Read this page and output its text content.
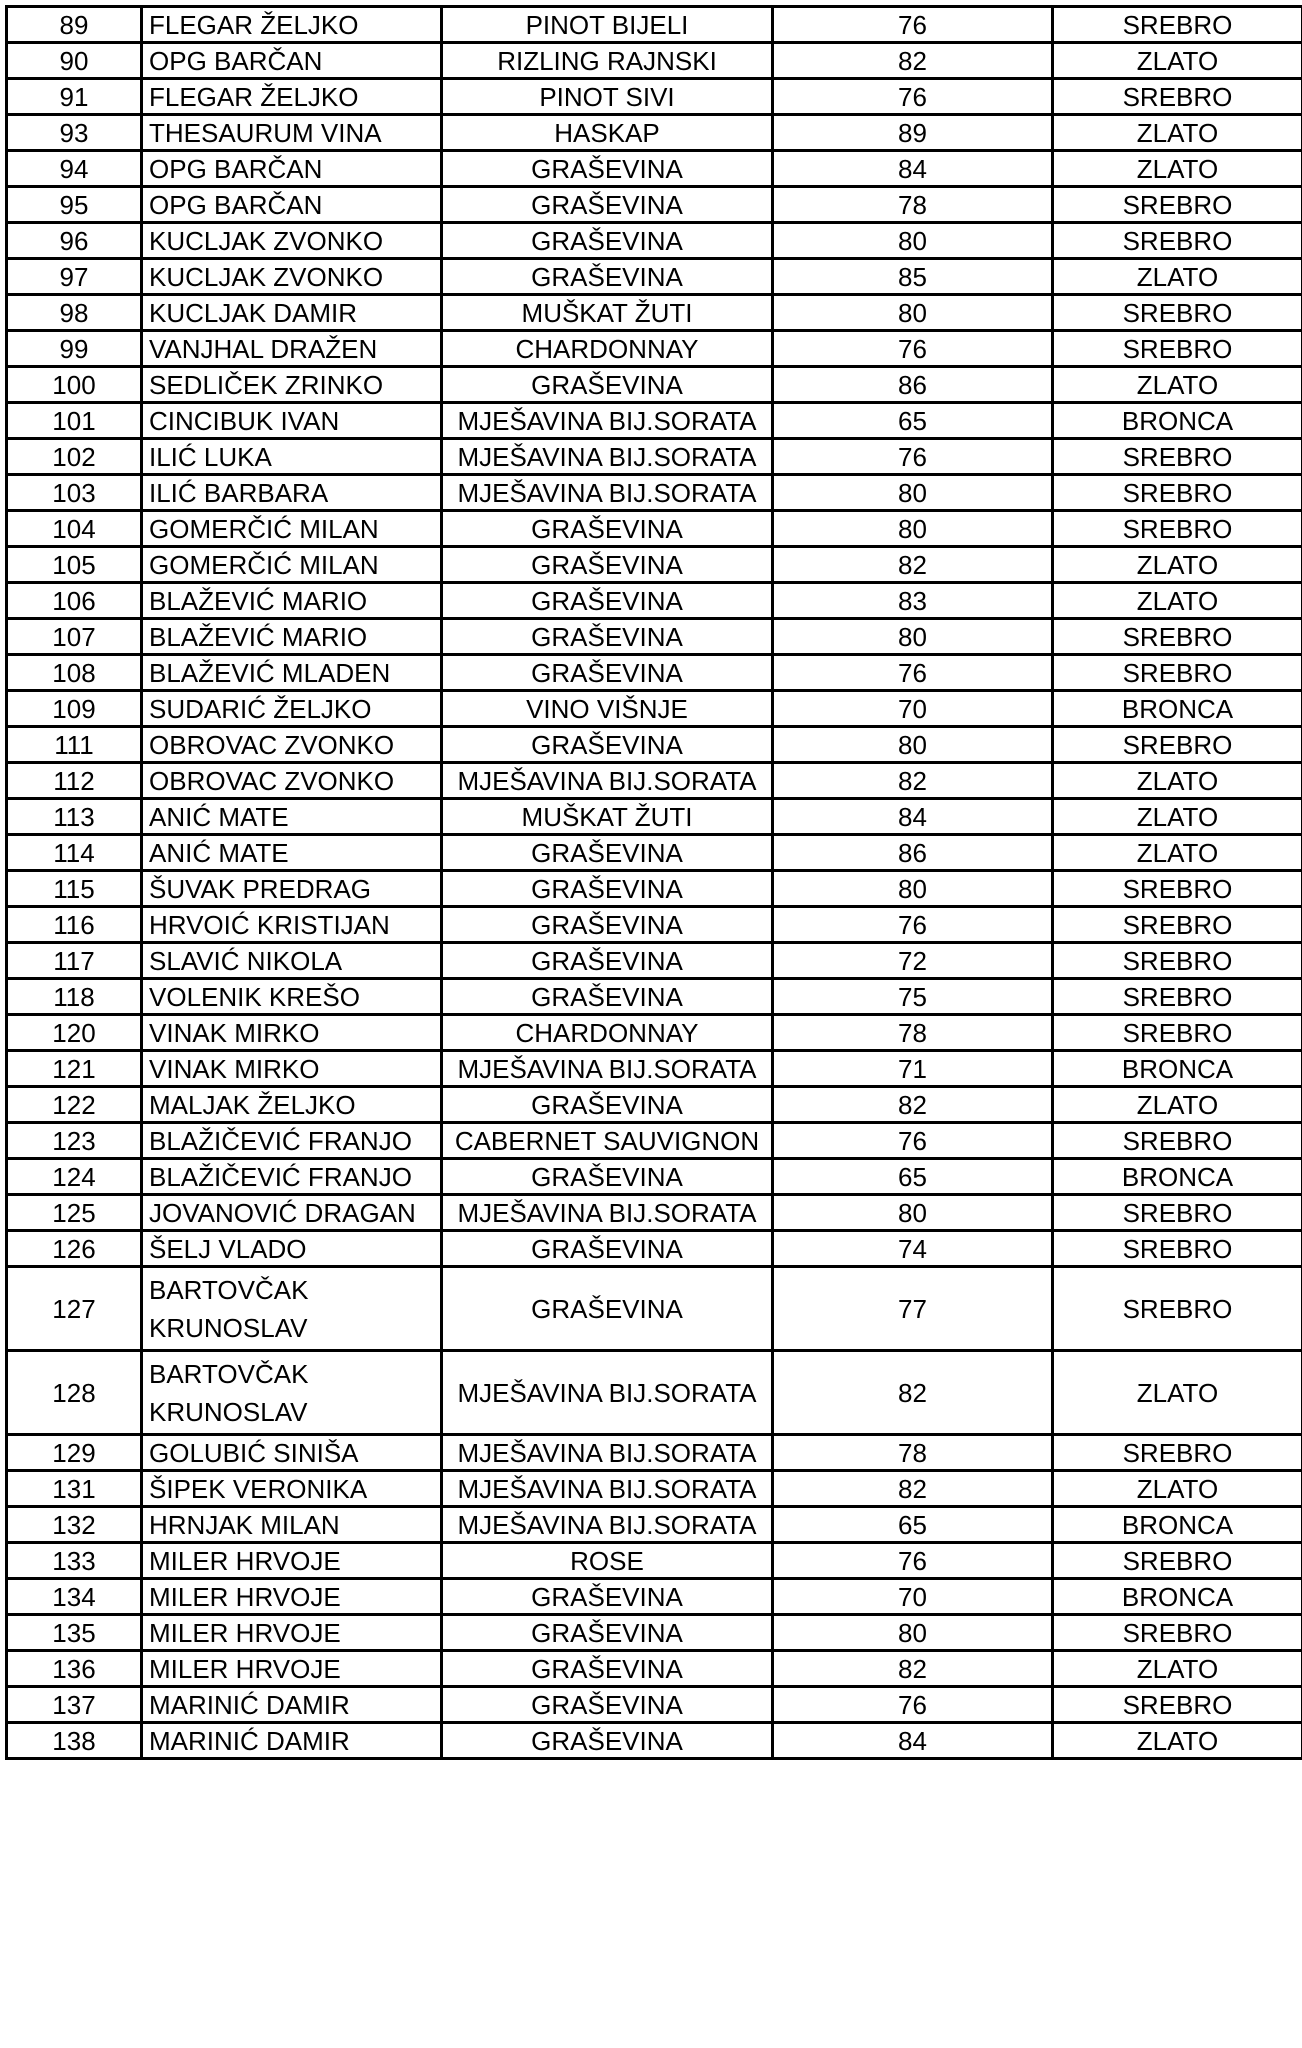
89	FLEGAR ŽELJKO	PINOT BIJELI	76	SREBRO
90	OPG BARČAN	RIZLING RAJNSKI	82	ZLATO
91	FLEGAR ŽELJKO	PINOT SIVI	76	SREBRO
93	THESAURUM VINA	HASKAP	89	ZLATO
94	OPG BARČAN	GRAŠEVINA	84	ZLATO
95	OPG BARČAN	GRAŠEVINA	78	SREBRO
96	KUCLJAK ZVONKO	GRAŠEVINA	80	SREBRO
97	KUCLJAK ZVONKO	GRAŠEVINA	85	ZLATO
98	KUCLJAK DAMIR	MUŠKAT ŽUTI	80	SREBRO
99	VANJHAL DRAŽEN	CHARDONNAY	76	SREBRO
100	SEDLIČEK ZRINKO	GRAŠEVINA	86	ZLATO
101	CINCIBUK IVAN	MJEŠAVINA BIJ.SORATA	65	BRONCA
102	ILIĆ LUKA	MJEŠAVINA BIJ.SORATA	76	SREBRO
103	ILIĆ BARBARA	MJEŠAVINA BIJ.SORATA	80	SREBRO
104	GOMERČIĆ MILAN	GRAŠEVINA	80	SREBRO
105	GOMERČIĆ MILAN	GRAŠEVINA	82	ZLATO
106	BLAŽEVIĆ MARIO	GRAŠEVINA	83	ZLATO
107	BLAŽEVIĆ MARIO	GRAŠEVINA	80	SREBRO
108	BLAŽEVIĆ MLADEN	GRAŠEVINA	76	SREBRO
109	SUDARIĆ ŽELJKO	VINO VIŠNJE	70	BRONCA
111	OBROVAC ZVONKO	GRAŠEVINA	80	SREBRO
112	OBROVAC ZVONKO	MJEŠAVINA BIJ.SORATA	82	ZLATO
113	ANIĆ MATE	MUŠKAT ŽUTI	84	ZLATO
114	ANIĆ MATE	GRAŠEVINA	86	ZLATO
115	ŠUVAK PREDRAG	GRAŠEVINA	80	SREBRO
116	HRVOIĆ KRISTIJAN	GRAŠEVINA	76	SREBRO
117	SLAVIĆ NIKOLA	GRAŠEVINA	72	SREBRO
118	VOLENIK KREŠO	GRAŠEVINA	75	SREBRO
120	VINAK MIRKO	CHARDONNAY	78	SREBRO
121	VINAK MIRKO	MJEŠAVINA BIJ.SORATA	71	BRONCA
122	MALJAK ŽELJKO	GRAŠEVINA	82	ZLATO
123	BLAŽIČEVIĆ FRANJO	CABERNET SAUVIGNON	76	SREBRO
124	BLAŽIČEVIĆ FRANJO	GRAŠEVINA	65	BRONCA
125	JOVANOVIĆ DRAGAN	MJEŠAVINA BIJ.SORATA	80	SREBRO
126	ŠELJ VLADO	GRAŠEVINA	74	SREBRO
127	BARTOVČAK KRUNOSLAV	GRAŠEVINA	77	SREBRO
128	BARTOVČAK KRUNOSLAV	MJEŠAVINA BIJ.SORATA	82	ZLATO
129	GOLUBIĆ SINIŠA	MJEŠAVINA BIJ.SORATA	78	SREBRO
131	ŠIPEK VERONIKA	MJEŠAVINA BIJ.SORATA	82	ZLATO
132	HRNJAK MILAN	MJEŠAVINA BIJ.SORATA	65	BRONCA
133	MILER HRVOJE	ROSE	76	SREBRO
134	MILER HRVOJE	GRAŠEVINA	70	BRONCA
135	MILER HRVOJE	GRAŠEVINA	80	SREBRO
136	MILER HRVOJE	GRAŠEVINA	82	ZLATO
137	MARINIĆ DAMIR	GRAŠEVINA	76	SREBRO
138	MARINIĆ DAMIR	GRAŠEVINA	84	ZLATO
